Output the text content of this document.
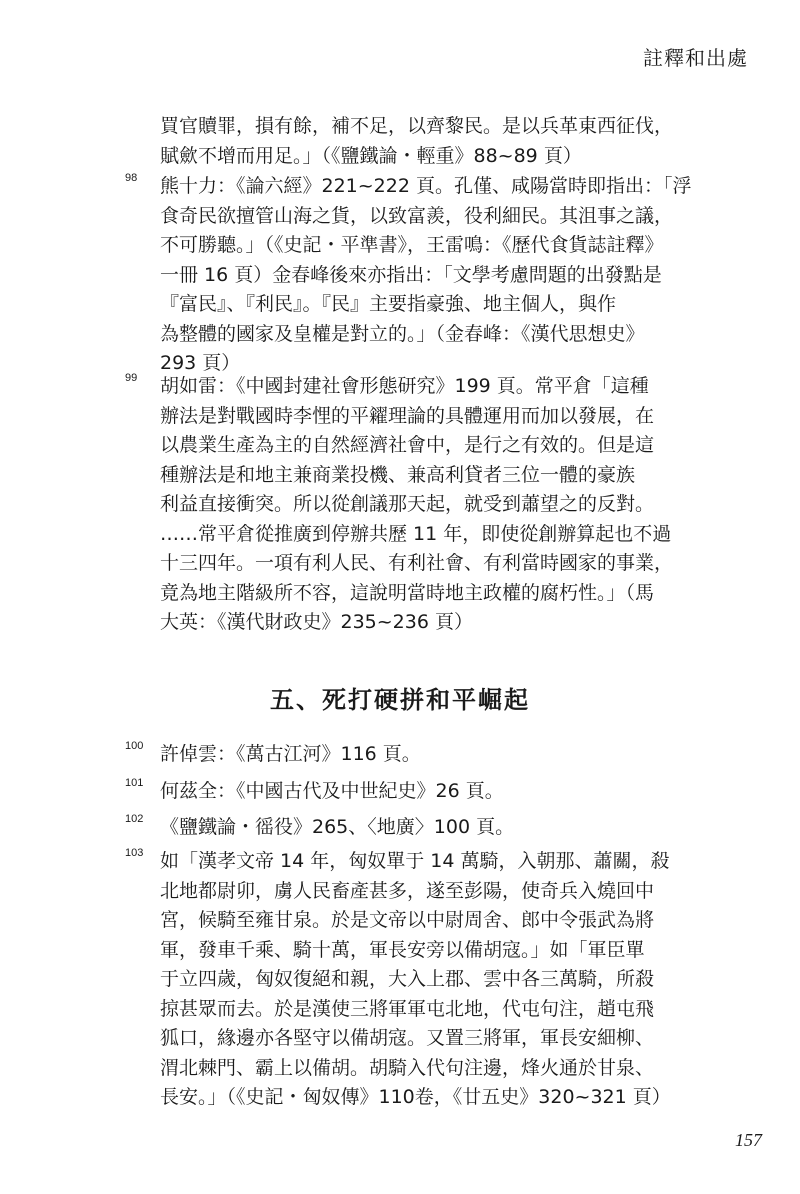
註釋和出處
買官贖罪，損有餘，補不足，以齊黎民。是以兵革東西征伐，
賦歛不增而用足。」（《鹽鐵論・輕重》88~89 頁）
98 熊十力：《論六經》221~222 頁。孔僅、咸陽當時即指出：「浮
食奇民欲擅管山海之貨，以致富羨，役利細民。其沮事之議，
不可勝聽。」（《史記・平準書》，王雷鳴：《歷代食貨誌註釋》
一冊 16 頁）金春峰後來亦指出：「文學考慮問題的出發點是
『富民』、『利民』。『民』主要指豪強、地主個人，與作
為整體的國家及皇權是對立的。」（金春峰：《漢代思想史》
293 頁）
99 胡如雷：《中國封建社會形態研究》199 頁。常平倉「這種
辦法是對戰國時李悝的平糴理論的具體運用而加以發展，在
以農業生產為主的自然經濟社會中，是行之有效的。但是這
種辦法是和地主兼商業投機、兼高利貸者三位一體的豪族
利益直接衝突。所以從創議那天起，就受到蕭望之的反對。
……常平倉從推廣到停辦共歷 11 年，即使從創辦算起也不過
十三四年。一項有利人民、有利社會、有利當時國家的事業，
竟為地主階級所不容，這說明當時地主政權的腐朽性。」（馬
大英：《漢代財政史》235~236 頁）
五、死打硬拼和平崛起
100 許倬雲：《萬古江河》116 頁。
101 何茲全：《中國古代及中世紀史》26 頁。
102 《鹽鐵論・徭役》265、〈地廣〉100 頁。
103 如「漢孝文帝 14 年，匈奴單于 14 萬騎，入朝那、蕭關，殺
北地都尉卯，虜人民畜產甚多，遂至彭陽，使奇兵入燒回中
宮，候騎至雍甘泉。於是文帝以中尉周舍、郎中令張武為將
軍，發車千乘、騎十萬，軍長安旁以備胡寇。」如「軍臣單
于立四歲，匈奴復絕和親，大入上郡、雲中各三萬騎，所殺
掠甚眾而去。於是漢使三將軍軍屯北地，代屯句注，趙屯飛
狐口，緣邊亦各堅守以備胡寇。又置三將軍，軍長安細柳、
渭北棘門、霸上以備胡。胡騎入代句注邊，烽火通於甘泉、
長安。」（《史記・匈奴傳》110卷，《廿五史》320~321 頁）
157
